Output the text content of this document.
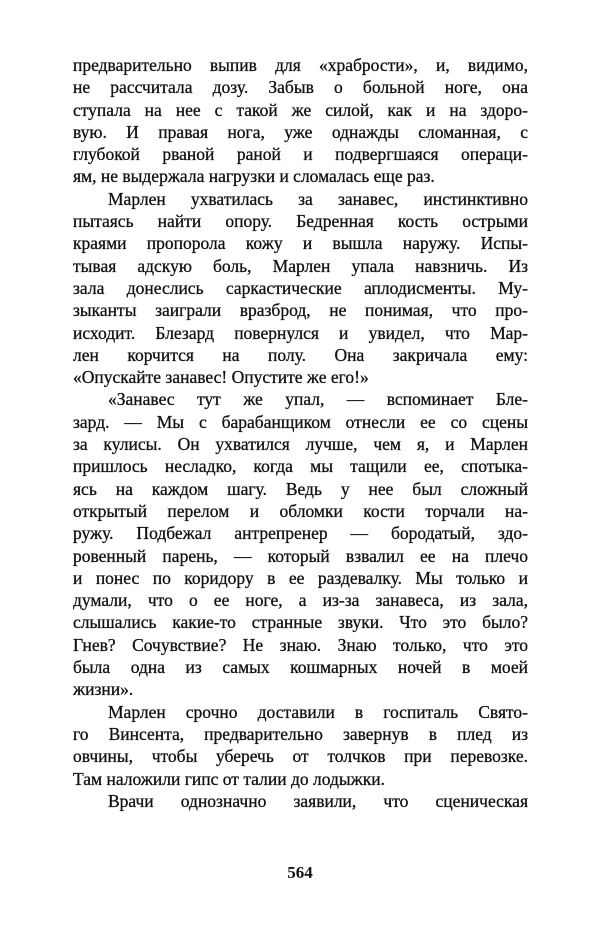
предварительно выпив для «храбрости», и, видимо,
не рассчитала дозу. Забыв о больной ноге, она
ступала на нее с такой же силой, как и на здоро-
вую. И правая нога, уже однажды сломанная, с
глубокой рваной раной и подвергшаяся операци-
ям, не выдержала нагрузки и сломалась еще раз.
Марлен ухватилась за занавес, инстинктивно
пытаясь найти опору. Бедренная кость острыми
краями пропорола кожу и вышла наружу. Испы-
тывая адскую боль, Марлен упала навзничь. Из
зала донеслись саркастические аплодисменты. Му-
зыканты заиграли вразброд, не понимая, что про-
исходит. Блезард повернулся и увидел, что Мар-
лен корчится на полу. Она закричала ему:
«Опускайте занавес! Опустите же его!»
«Занавес тут же упал, — вспоминает Бле-
зард. — Мы с барабанщиком отнесли ее со сцены
за кулисы. Он ухватился лучше, чем я, и Марлен
пришлось несладко, когда мы тащили ее, спотыка-
ясь на каждом шагу. Ведь у нее был сложный
открытый перелом и обломки кости торчали на-
ружу. Подбежал антрепренер — бородатый, здо-
ровенный парень, — который взвалил ее на плечо
и понес по коридору в ее раздевалку. Мы только и
думали, что о ее ноге, а из-за занавеса, из зала,
слышались какие-то странные звуки. Что это было?
Гнев? Сочувствие? Не знаю. Знаю только, что это
была одна из самых кошмарных ночей в моей
жизни».
Марлен срочно доставили в госпиталь Свято-
го Винсента, предварительно завернув в плед из
овчины, чтобы уберечь от толчков при перевозке.
Там наложили гипс от талии до лодыжки.
Врачи однозначно заявили, что сценическая
564
